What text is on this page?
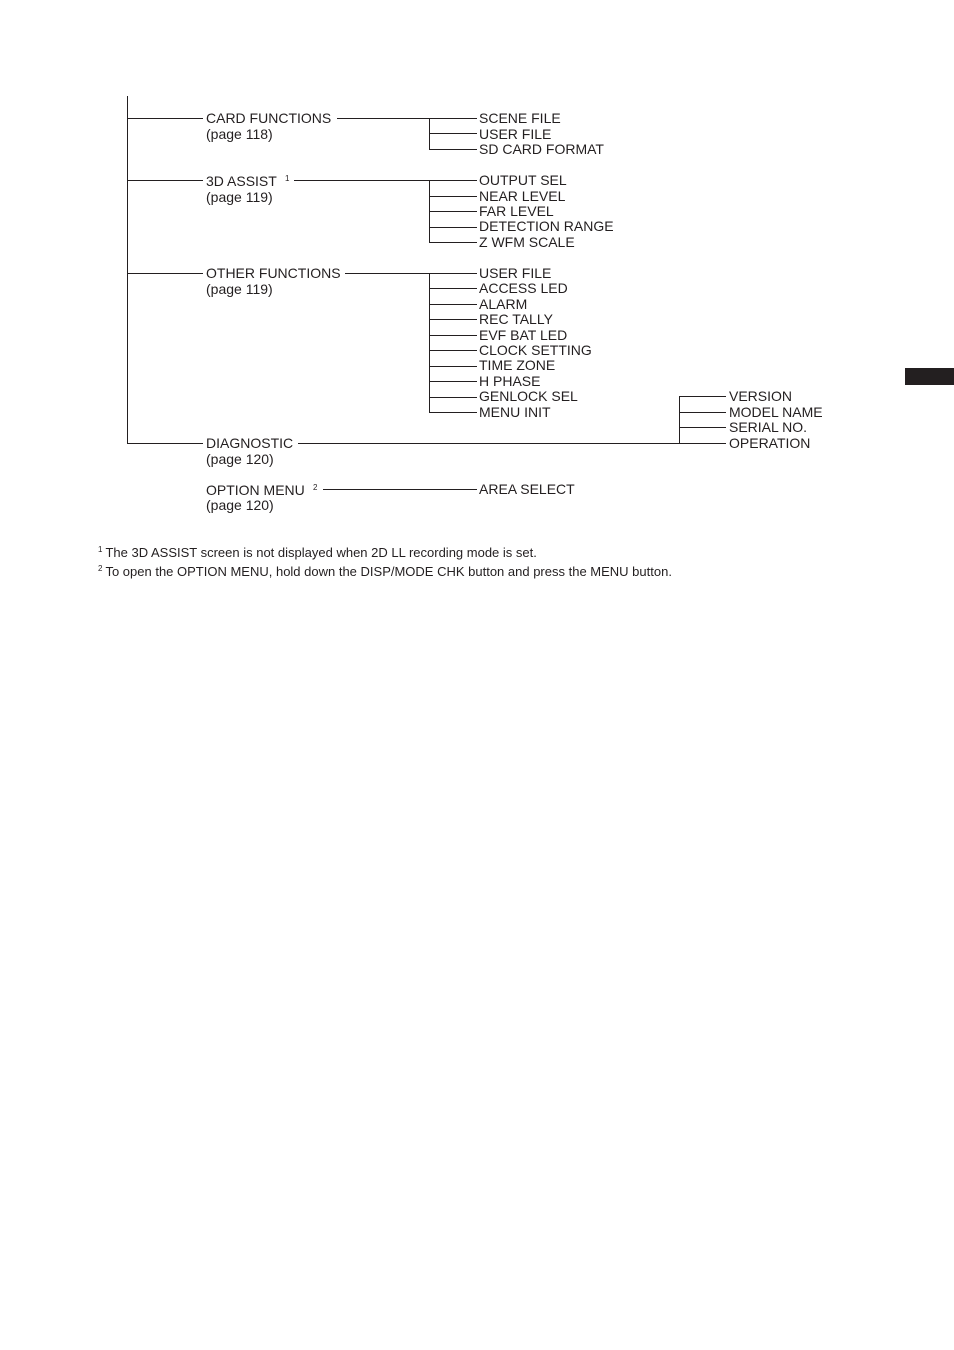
CARD FUNCTIONS
(page 118)
SCENE FILE
USER FILE
SD CARD FORMAT
3D ASSIST 1
(page 119)
OUTPUT SEL
NEAR LEVEL
FAR LEVEL
DETECTION RANGE
Z WFM SCALE
OTHER FUNCTIONS
(page 119)
USER FILE
ACCESS LED
ALARM
REC TALLY
EVF BAT LED
CLOCK SETTING
TIME ZONE
H PHASE
GENLOCK SEL
MENU INIT
DIAGNOSTIC
(page 120)
VERSION
MODEL NAME
SERIAL NO.
OPERATION
OPTION MENU 2
(page 120)
AREA SELECT
$^1$ The 3D ASSIST screen is not displayed when 2D LL recording mode is set.
$^2$ To open the OPTION MENU, hold down the DISP/MODE CHK button and press the MENU button.
